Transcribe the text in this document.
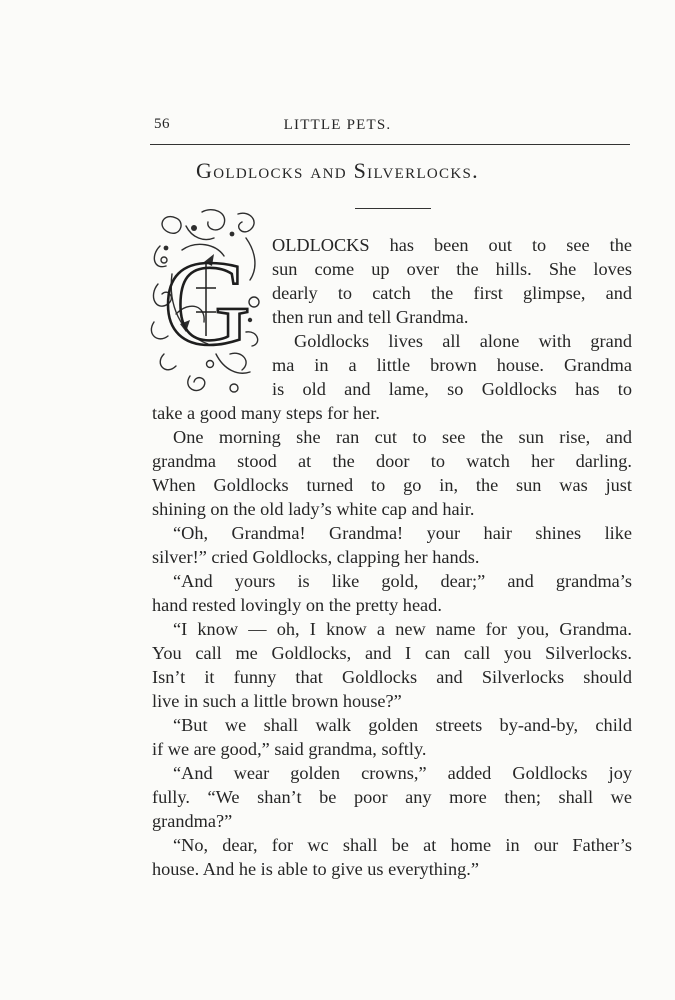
56	LITTLE PETS.
Goldlocks and Silverlocks.
G OLDLOCKS has been out to see the

sun come up over the hills. She loves

dearly to catch the first glimpse, and

then run and tell Grandma.

Goldlocks lives all alone with grand

ma in a little brown house. Grandma

is old and lame, so Goldlocks has to

take a good many steps for her.

One morning she ran cut to see the sun rise, and

grandma stood at the door to watch her darling.

When Goldlocks turned to go in, the sun was just

shining on the old lady’s white cap and hair.

“Oh, Grandma! Grandma! your hair shines like

silver!” cried Goldlocks, clapping her hands.

“And yours is like gold, dear;” and grandma’s

hand rested lovingly on the pretty head.

“I know — oh, I know a new name for you, Grandma.

You call me Goldlocks, and I can call you Silverlocks.

Isn’t it funny that Goldlocks and Silverlocks should

live in such a little brown house?”

“But we shall walk golden streets by-and-by, child

if we are good,” said grandma, softly.

“And wear golden crowns,” added Goldlocks joy

fully. “We shan’t be poor any more then; shall we

grandma?”

“No, dear, for wc shall be at home in our Father’s

house. And he is able to give us everything.”
